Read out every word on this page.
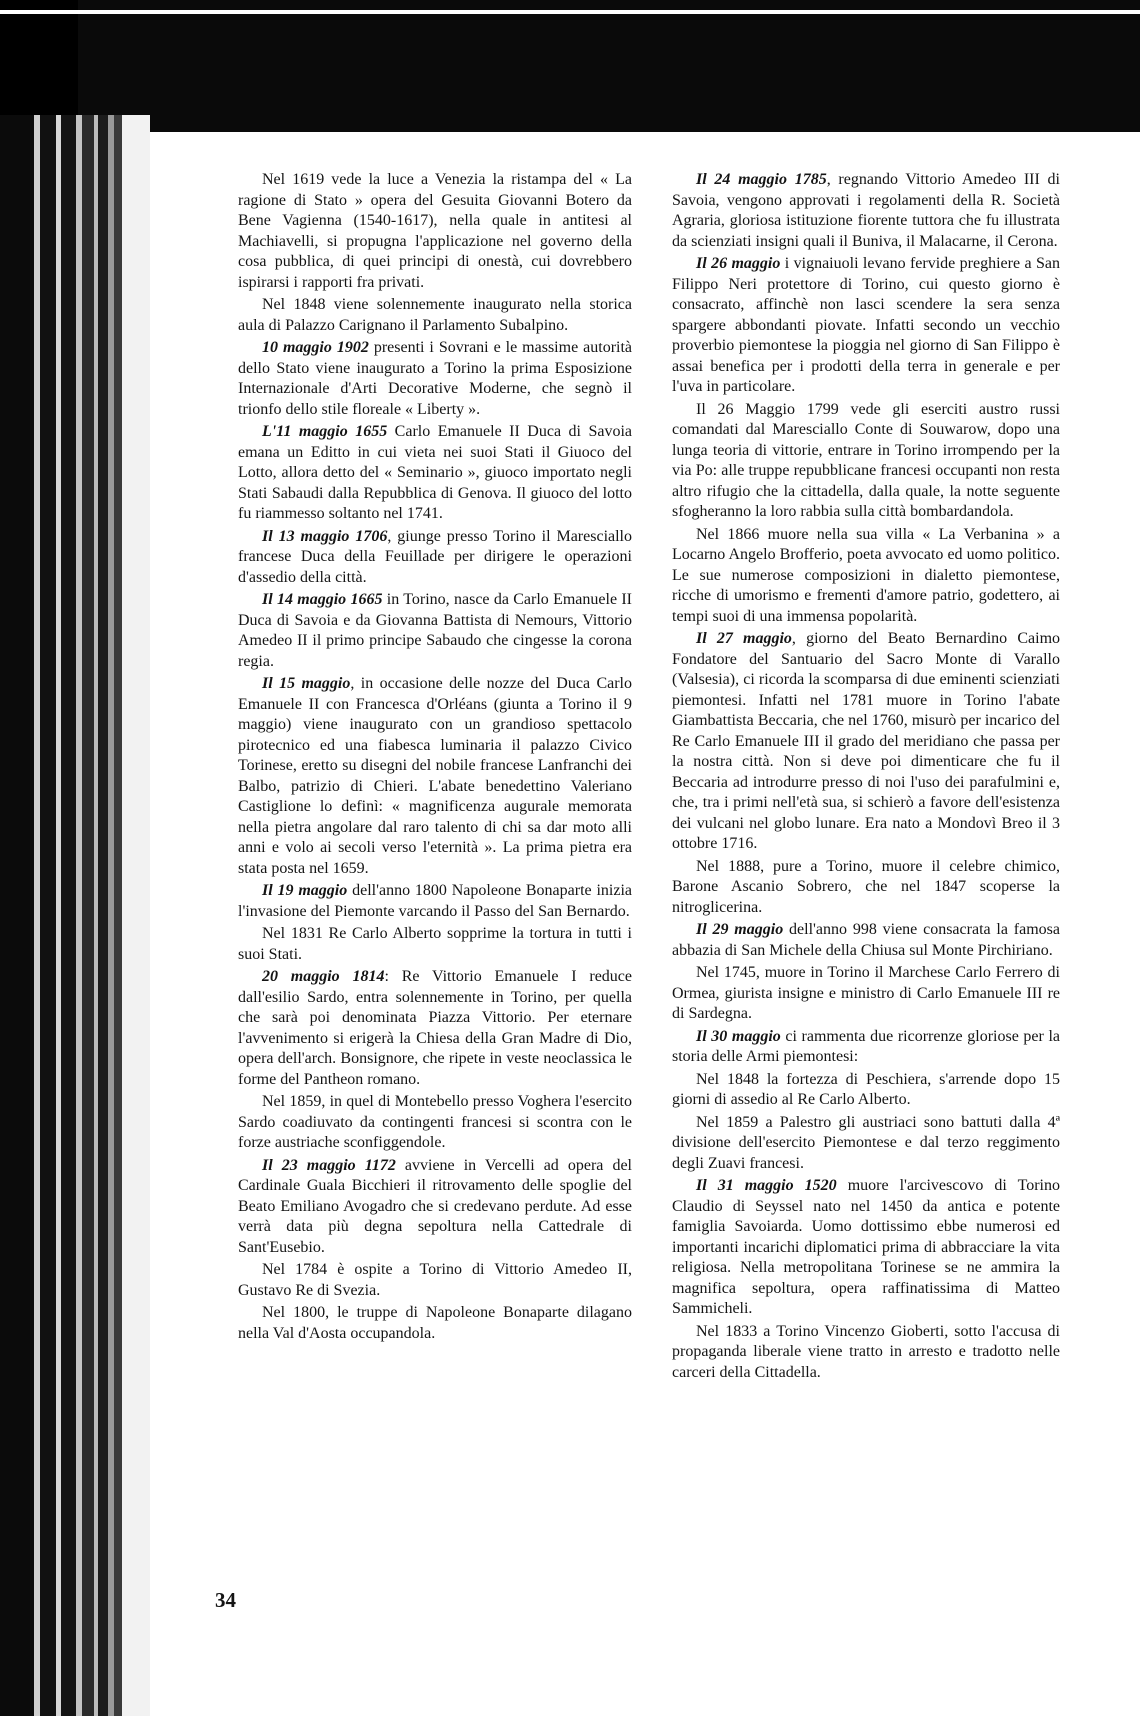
Nel 1619 vede la luce a Venezia la ristampa del « La ragione di Stato » opera del Gesuita Giovanni Botero da Bene Vagienna (1540-1617), nella quale in antitesi al Machiavelli, si propugna l'applicazione nel governo della cosa pubblica, di quei principi di onestà, cui dovrebbero ispirarsi i rapporti fra privati.

Nel 1848 viene solennemente inaugurato nella storica aula di Palazzo Carignano il Parlamento Subalpino.

10 maggio 1902 presenti i Sovrani e le massime autorità dello Stato viene inaugurato a Torino la prima Esposizione Internazionale d'Arti Decorative Moderne, che segnò il trionfo dello stile floreale « Liberty ».

L'11 maggio 1655 Carlo Emanuele II Duca di Savoia emana un Editto in cui vieta nei suoi Stati il Giuoco del Lotto, allora detto del « Seminario », giuoco importato negli Stati Sabaudi dalla Repubblica di Genova. Il giuoco del lotto fu riammesso soltanto nel 1741.

Il 13 maggio 1706, giunge presso Torino il Maresciallo francese Duca della Feuillade per dirigere le operazioni d'assedio della città.

Il 14 maggio 1665 in Torino, nasce da Carlo Emanuele II Duca di Savoia e da Giovanna Battista di Nemours, Vittorio Amedeo II il primo principe Sabaudo che cingesse la corona regia.

Il 15 maggio, in occasione delle nozze del Duca Carlo Emanuele II con Francesca d'Orléans (giunta a Torino il 9 maggio) viene inaugurato con un grandioso spettacolo pirotecnico ed una fiabesca luminaria il palazzo Civico Torinese, eretto su disegni del nobile francese Lanfranchi dei Balbo, patrizio di Chieri. L'abate benedettino Valeriano Castiglione lo definì: « magnificenza augurale memorata nella pietra angolare dal raro talento di chi sa dar moto alli anni e volo ai secoli verso l'eternità ». La prima pietra era stata posta nel 1659.

Il 19 maggio dell'anno 1800 Napoleone Bonaparte inizia l'invasione del Piemonte varcando il Passo del San Bernardo.

Nel 1831 Re Carlo Alberto sopprime la tortura in tutti i suoi Stati.

20 maggio 1814: Re Vittorio Emanuele I reduce dall'esilio Sardo, entra solennemente in Torino, per quella che sarà poi denominata Piazza Vittorio. Per eternare l'avvenimento si erigerà la Chiesa della Gran Madre di Dio, opera dell'arch. Bonsignore, che ripete in veste neoclassica le forme del Pantheon romano.

Nel 1859, in quel di Montebello presso Voghera l'esercito Sardo coadiuvato da contingenti francesi si scontra con le forze austriache sconfiggendole.

Il 23 maggio 1172 avviene in Vercelli ad opera del Cardinale Guala Bicchieri il ritrovamento delle spoglie del Beato Emiliano Avogadro che si credevano perdute. Ad esse verrà data più degna sepoltura nella Cattedrale di Sant'Eusebio.

Nel 1784 è ospite a Torino di Vittorio Amedeo II, Gustavo Re di Svezia.

Nel 1800, le truppe di Napoleone Bonaparte dilagano nella Val d'Aosta occupandola.

Il 24 maggio 1785, regnando Vittorio Amedeo III di Savoia, vengono approvati i regolamenti della R. Società Agraria, gloriosa istituzione fiorente tuttora che fu illustrata da scienziati insigni quali il Buniva, il Malacarne, il Cerona.

Il 26 maggio i vignaiuoli levano fervide preghiere a San Filippo Neri protettore di Torino, cui questo giorno è consacrato, affinchè non lasci scendere la sera senza spargere abbondanti piovate. Infatti secondo un vecchio proverbio piemontese la pioggia nel giorno di San Filippo è assai benefica per i prodotti della terra in generale e per l'uva in particolare.

Il 26 Maggio 1799 vede gli eserciti austro russi comandati dal Maresciallo Conte di Souwarow, dopo una lunga teoria di vittorie, entrare in Torino irrompendo per la via Po: alle truppe repubblicane francesi occupanti non resta altro rifugio che la cittadella, dalla quale, la notte seguente sfogheranno la loro rabbia sulla città bombardandola.

Nel 1866 muore nella sua villa « La Verbanina » a Locarno Angelo Brofferio, poeta avvocato ed uomo politico. Le sue numerose composizioni in dialetto piemontese, ricche di umorismo e frementi d'amore patrio, godettero, ai tempi suoi di una immensa popolarità.

Il 27 maggio, giorno del Beato Bernardino Caimo Fondatore del Santuario del Sacro Monte di Varallo (Valsesia), ci ricorda la scomparsa di due eminenti scienziati piemontesi. Infatti nel 1781 muore in Torino l'abate Giambattista Beccaria, che nel 1760, misurò per incarico del Re Carlo Emanuele III il grado del meridiano che passa per la nostra città. Non si deve poi dimenticare che fu il Beccaria ad introdurre presso di noi l'uso dei parafulmini e, che, tra i primi nell'età sua, si schierò a favore dell'esistenza dei vulcani nel globo lunare. Era nato a Mondovì Breo il 3 ottobre 1716.

Nel 1888, pure a Torino, muore il celebre chimico, Barone Ascanio Sobrero, che nel 1847 scoperse la nitroglicerina.

Il 29 maggio dell'anno 998 viene consacrata la famosa abbazia di San Michele della Chiusa sul Monte Pirchiriano.

Nel 1745, muore in Torino il Marchese Carlo Ferrero di Ormea, giurista insigne e ministro di Carlo Emanuele III re di Sardegna.

Il 30 maggio ci rammenta due ricorrenze gloriose per la storia delle Armi piemontesi:

Nel 1848 la fortezza di Peschiera, s'arrende dopo 15 giorni di assedio al Re Carlo Alberto.

Nel 1859 a Palestro gli austriaci sono battuti dalla 4ª divisione dell'esercito Piemontese e dal terzo reggimento degli Zuavi francesi.

Il 31 maggio 1520 muore l'arcivescovo di Torino Claudio di Seyssel nato nel 1450 da antica e potente famiglia Savoiarda. Uomo dottissimo ebbe numerosi ed importanti incarichi diplomatici prima di abbracciare la vita religiosa. Nella metropolitana Torinese se ne ammira la magnifica sepoltura, opera raffinatissima di Matteo Sammicheli.

Nel 1833 a Torino Vincenzo Gioberti, sotto l'accusa di propaganda liberale viene tratto in arresto e tradotto nelle carceri della Cittadella.

34
